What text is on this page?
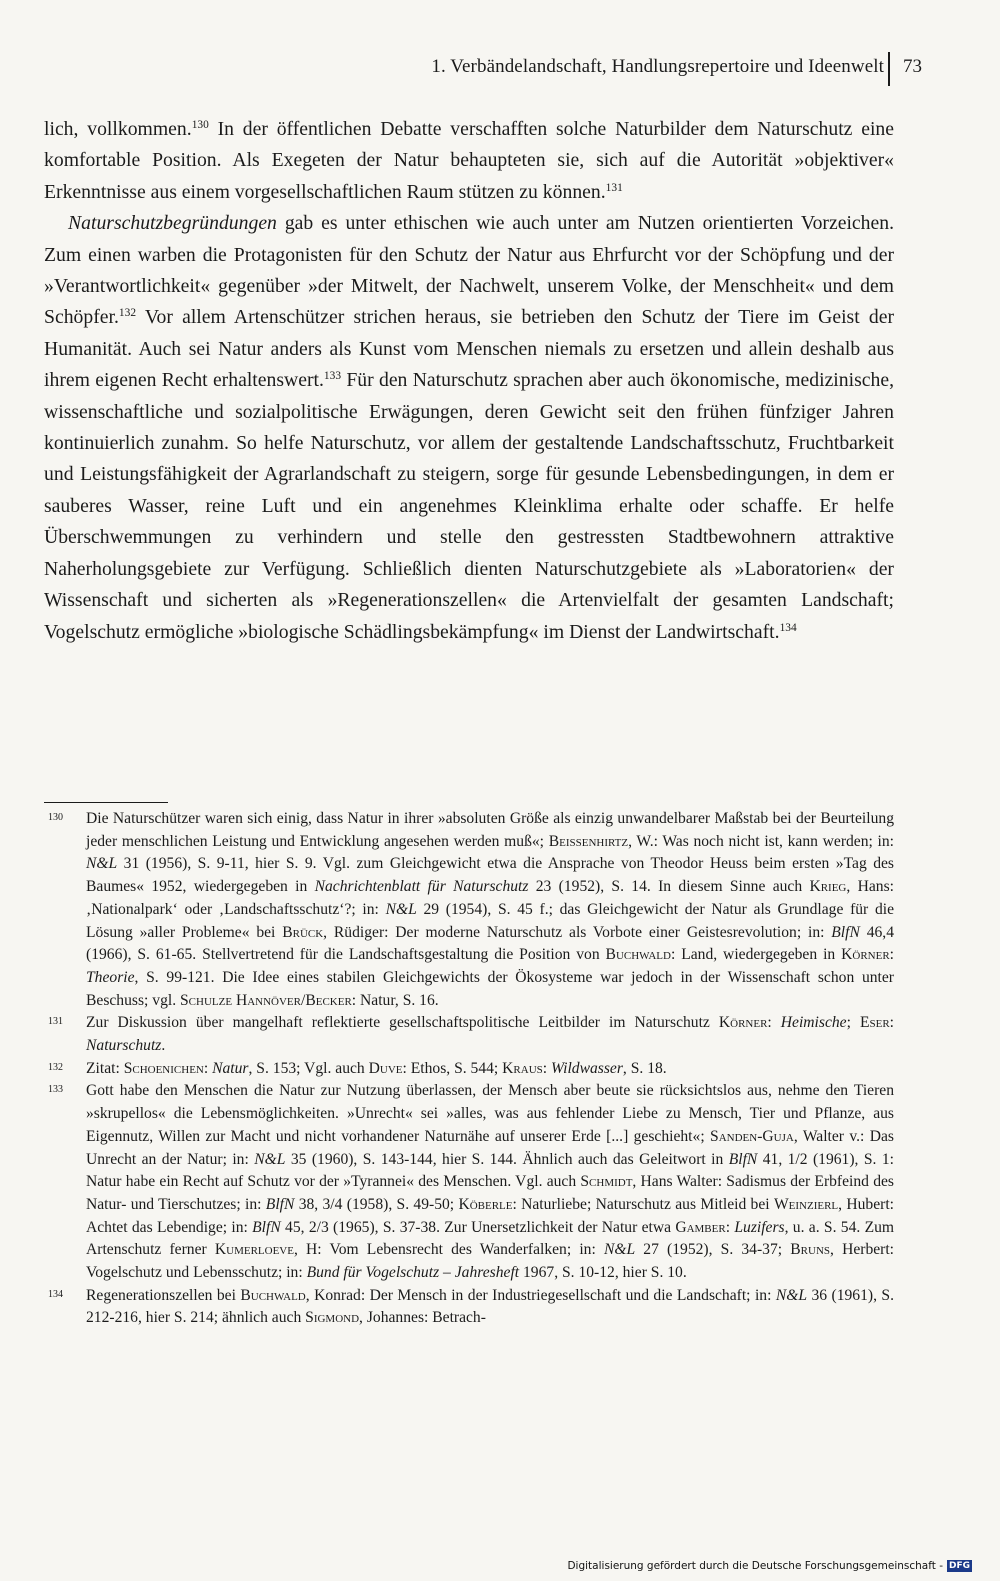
1. Verbändelandschaft, Handlungsrepertoire und Ideenwelt 73

lich, vollkommen.$^{130}$ In der öffentlichen Debatte verschafften solche Naturbilder dem Naturschutz eine komfortable Position. Als Exegeten der Natur behaupteten sie, sich auf die Autorität »objektiver« Erkenntnisse aus einem vorgesellschaftlichen Raum stützen zu können.$^{131}$

Naturschutzbegründungen gab es unter ethischen wie auch unter am Nutzen orientierten Vorzeichen. Zum einen warben die Protagonisten für den Schutz der Natur aus Ehrfurcht vor der Schöpfung und der »Verantwortlichkeit« gegenüber »der Mitwelt, der Nachwelt, unserem Volke, der Menschheit« und dem Schöpfer.$^{132}$ Vor allem Artenschützer strichen heraus, sie betrieben den Schutz der Tiere im Geist der Humanität. Auch sei Natur anders als Kunst vom Menschen niemals zu ersetzen und allein deshalb aus ihrem eigenen Recht erhaltenswert.$^{133}$ Für den Naturschutz sprachen aber auch ökonomische, medizinische, wissenschaftliche und sozialpolitische Erwägungen, deren Gewicht seit den frühen fünfziger Jahren kontinuierlich zunahm. So helfe Naturschutz, vor allem der gestaltende Landschaftsschutz, Fruchtbarkeit und Leistungsfähigkeit der Agrarlandschaft zu steigern, sorge für gesunde Lebensbedingungen, in dem er sauberes Wasser, reine Luft und ein angenehmes Kleinklima erhalte oder schaffe. Er helfe Überschwemmungen zu verhindern und stelle den gestressten Stadtbewohnern attraktive Naherholungsgebiete zur Verfügung. Schließlich dienten Naturschutzgebiete als »Laboratorien« der Wissenschaft und sicherten als »Regenerationszellen« die Artenvielfalt der gesamten Landschaft; Vogelschutz ermögliche »biologische Schädlingsbekämpfung« im Dienst der Landwirtschaft.$^{134}$

130 Die Naturschützer waren sich einig, dass Natur in ihrer »absoluten Größe als einzig unwandelbarer Maßstab bei der Beurteilung jeder menschlichen Leistung und Entwicklung angesehen werden muß«; Beissenhirtz, W.: Was noch nicht ist, kann werden; in: N&L 31 (1956), S. 9-11, hier S. 9. Vgl. zum Gleichgewicht etwa die Ansprache von Theodor Heuss beim ersten »Tag des Baumes« 1952, wiedergegeben in Nachrichtenblatt für Naturschutz 23 (1952), S. 14. In diesem Sinne auch Krieg, Hans: ‚Nationalpark‘ oder ‚Landschaftsschutz‘?; in: N&L 29 (1954), S. 45 f.; das Gleichgewicht der Natur als Grundlage für die Lösung »aller Probleme« bei Brück, Rüdiger: Der moderne Naturschutz als Vorbote einer Geistesrevolution; in: BlfN 46,4 (1966), S. 61-65. Stellvertretend für die Landschaftsgestaltung die Position von Buchwald: Land, wiedergegeben in Körner: Theorie, S. 99-121. Die Idee eines stabilen Gleichgewichts der Ökosysteme war jedoch in der Wissenschaft schon unter Beschuss; vgl. Schulze Hannöver/Becker: Natur, S. 16.

131 Zur Diskussion über mangelhaft reflektierte gesellschaftspolitische Leitbilder im Naturschutz Körner: Heimische; Eser: Naturschutz.

132 Zitat: Schoenichen: Natur, S. 153; Vgl. auch Duve: Ethos, S. 544; Kraus: Wildwasser, S. 18.

133 Gott habe den Menschen die Natur zur Nutzung überlassen, der Mensch aber beute sie rücksichtslos aus, nehme den Tieren »skrupellos« die Lebensmöglichkeiten. »Unrecht« sei »alles, was aus fehlender Liebe zu Mensch, Tier und Pflanze, aus Eigennutz, Willen zur Macht und nicht vorhandener Naturnähe auf unserer Erde [...] geschieht«; Sanden-Guja, Walter v.: Das Unrecht an der Natur; in: N&L 35 (1960), S. 143-144, hier S. 144. Ähnlich auch das Geleitwort in BlfN 41, 1/2 (1961), S. 1: Natur habe ein Recht auf Schutz vor der »Tyrannei« des Menschen. Vgl. auch Schmidt, Hans Walter: Sadismus der Erbfeind des Natur- und Tierschutzes; in: BlfN 38, 3/4 (1958), S. 49-50; Köberle: Naturliebe; Naturschutz aus Mitleid bei Weinzierl, Hubert: Achtet das Lebendige; in: BlfN 45, 2/3 (1965), S. 37-38. Zur Unersetzlichkeit der Natur etwa Gamber: Luzifers, u. a. S. 54. Zum Artenschutz ferner Kumerloeve, H: Vom Lebensrecht des Wanderfalken; in: N&L 27 (1952), S. 34-37; Bruns, Herbert: Vogelschutz und Lebensschutz; in: Bund für Vogelschutz – Jahresheft 1967, S. 10-12, hier S. 10.

134 Regenerationszellen bei Buchwald, Konrad: Der Mensch in der Industriegesellschaft und die Landschaft; in: N&L 36 (1961), S. 212-216, hier S. 214; ähnlich auch Sigmond, Johannes: Betrach-

Digitalisierung gefördert durch die Deutsche Forschungsgemeinschaft - DFG
